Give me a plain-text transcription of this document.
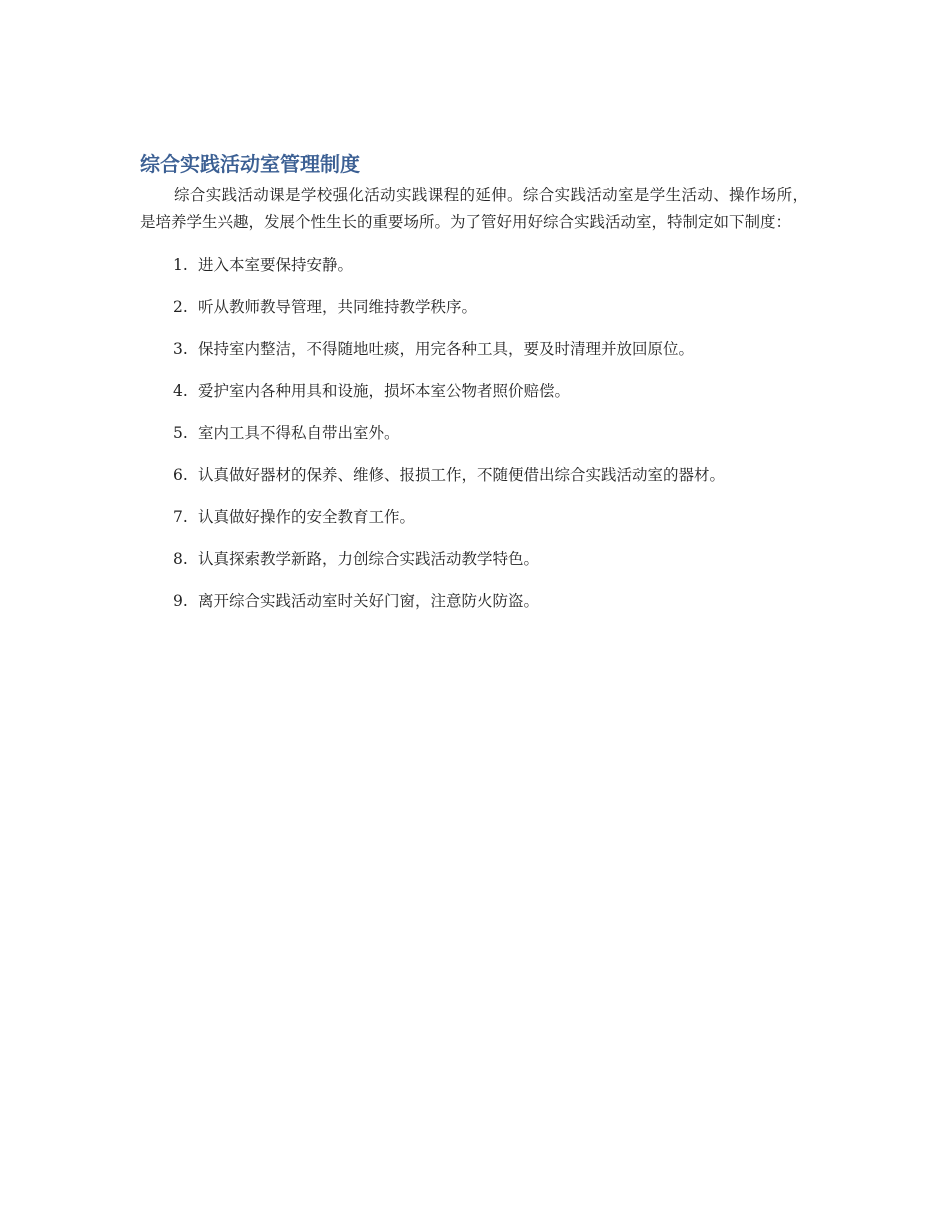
综合实践活动室管理制度

综合实践活动课是学校强化活动实践课程的延伸。综合实践活动室是学生活动、操作场所，是培养学生兴趣，发展个性生长的重要场所。为了管好用好综合实践活动室，特制定如下制度：

1. 进入本室要保持安静。
2. 听从教师教导管理，共同维持教学秩序。
3. 保持室内整洁，不得随地吐痰，用完各种工具，要及时清理并放回原位。
4. 爱护室内各种用具和设施，损坏本室公物者照价赔偿。
5. 室内工具不得私自带出室外。
6. 认真做好器材的保养、维修、报损工作，不随便借出综合实践活动室的器材。
7. 认真做好操作的安全教育工作。
8. 认真探索教学新路，力创综合实践活动教学特色。
9. 离开综合实践活动室时关好门窗，注意防火防盗。
